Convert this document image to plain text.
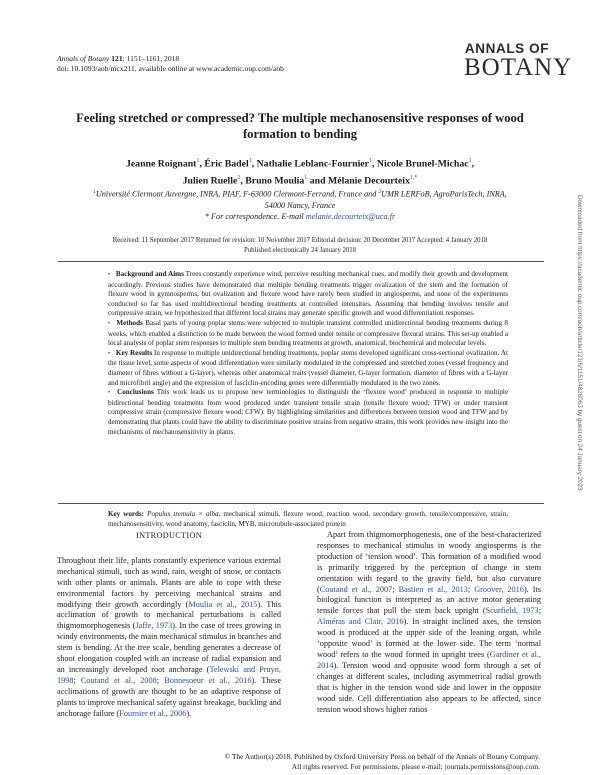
Annals of Botany 121: 1151–1161, 2018
doi: 10.1093/aob/mcx211, available online at www.academic.oup.com/aob
ANNALS OF
BOTANY
Feeling stretched or compressed? The multiple mechanosensitive responses of wood formation to bending
Jeanne Roignant$^1$, Éric Badel$^1$, Nathalie Leblanc-Fournier$^1$, Nicole Brunel-Michac$^1$,
Julien Ruelle$^2$, Bruno Moulia$^1$ and Mélanie Decourteix$^{1,*}$
$^1$Université Clermont Auvergne, INRA, PIAF, F-63000 Clermont-Ferrand, France and $^2$UMR LERFoB, AgroParisTech, INRA,
54000 Nancy, France
* For correspondence. E-mail melanie.decourteix@uca.fr
Received: 11 September 2017 Returned for revision: 10 November 2017 Editorial decision: 20 December 2017 Accepted: 4 January 2018
Published electronically 24 January 2018

• Background and Aims Trees constantly experience wind, perceive resulting mechanical cues, and modify their growth and development accordingly. Previous studies have demonstrated that multiple bending treatments trigger ovalization of the stem and the formation of flexure wood in gymnosperms, but ovalization and flexure wood have rarely been studied in angiosperms, and none of the experiments conducted so far has used multidirectional bending treatments at controlled intensities. Assuming that bending involves tensile and compressive strain, we hypothesized that different local strains may generate specific growth and wood differentiation responses.

• Methods Basal parts of young poplar stems were subjected to multiple transient controlled unidirectional bending treatments during 8 weeks, which enabled a distinction to be made between the wood formed under tensile or compressive flexural strains. This set-up enabled a local analysis of poplar stem responses to multiple stem bending treatments at growth, anatomical, biochemical and molecular levels.

• Key Results In response to multiple unidirectional bending treatments, poplar stems developed significant cross-sectional ovalization. At the tissue level, some aspects of wood differentiation were similarly modulated in the compressed and stretched zones (vessel frequency and diameter of fibres without a G-layer), whereas other anatomical traits (vessel diameter, G-layer formation, diameter of fibres with a G-layer and microfibril angle) and the expression of fasciclin-encoding genes were differentially modulated in the two zones.

• Conclusions This work leads us to propose new terminologies to distinguish the ‘flexure wood’ produced in response to multiple bidirectional bending treatments from wood produced under transient tensile strain (tensile flexure wood; TFW) or under transient compressive strain (compressive flexure wood; CFW). By highlighting similarities and differences between tension wood and TFW and by demonstrating that plants could have the ability to discriminate positive strains from negative strains, this work provides new insight into the mechanisms of mechanosensitivity in plants.

Key words: Populus tremula × alba, mechanical stimuli, flexure wood, reaction wood, secondary growth, tensile/compressive, strain, mechanosensitivity, wood anatomy, fasciclin, MYB, microtubule-associated protein
INTRODUCTION

Throughout their life, plants constantly experience various external mechanical stimuli, such as wind, rain, weight of snow, or contacts with other plants or animals. Plants are able to cope with these environmental factors by perceiving mechanical strains and modifying their growth accordingly (Moulia et al., 2015). This acclimation of growth to mechanical perturbations is called thigmomorphogenesis (Jaffe, 1973). In the case of trees growing in windy environments, the main mechanical stimulus in branches and stem is bending. At the tree scale, bending generates a decrease of shoot elongation coupled with an increase of radial expansion and an increasingly developed root anchorage (Telewski and Pruyn, 1998; Coutand et al., 2008; Bonnesoeur et al., 2016). These acclimations of growth are thought to be an adaptive response of plants to improve mechanical safety against breakage, buckling and anchorage failure (Fournier et al., 2006).

Apart from thigmomorphogenesis, one of the best-characterized responses to mechanical stimulus in woody angiosperms is the production of ‘tension wood’. This formation of a modified wood is primarily triggered by the perception of change in stem orientation with regard to the gravity field, but also curvature (Coutand et al., 2007; Bastien et al., 2013; Groover, 2016). Its biological function is interpreted as an active motor generating tensile forces that pull the stem back upright (Scurfield, 1973; Alméras and Clair, 2016). In straight inclined axes, the tension wood is produced at the upper side of the leaning organ, while ‘opposite wood’ is formed at the lower side. The term ‘normal wood’ refers to the wood formed in upright trees (Gardiner et al., 2014). Tension wood and opposite wood form through a set of changes at different scales, including asymmetrical radial growth that is higher in the tension wood side and lower in the opposite wood side. Cell differentiation also appears to be affected, since tension wood shows higher ratios

© The Author(s) 2018. Published by Oxford University Press on behalf of the Annals of Botany Company.
All rights reserved. For permissions, please e-mail: journals.permissions@oup.com.
Downloaded from https://academic.oup.com/aob/article/121/6/1151/4826063 by guest on 24 January 2023
